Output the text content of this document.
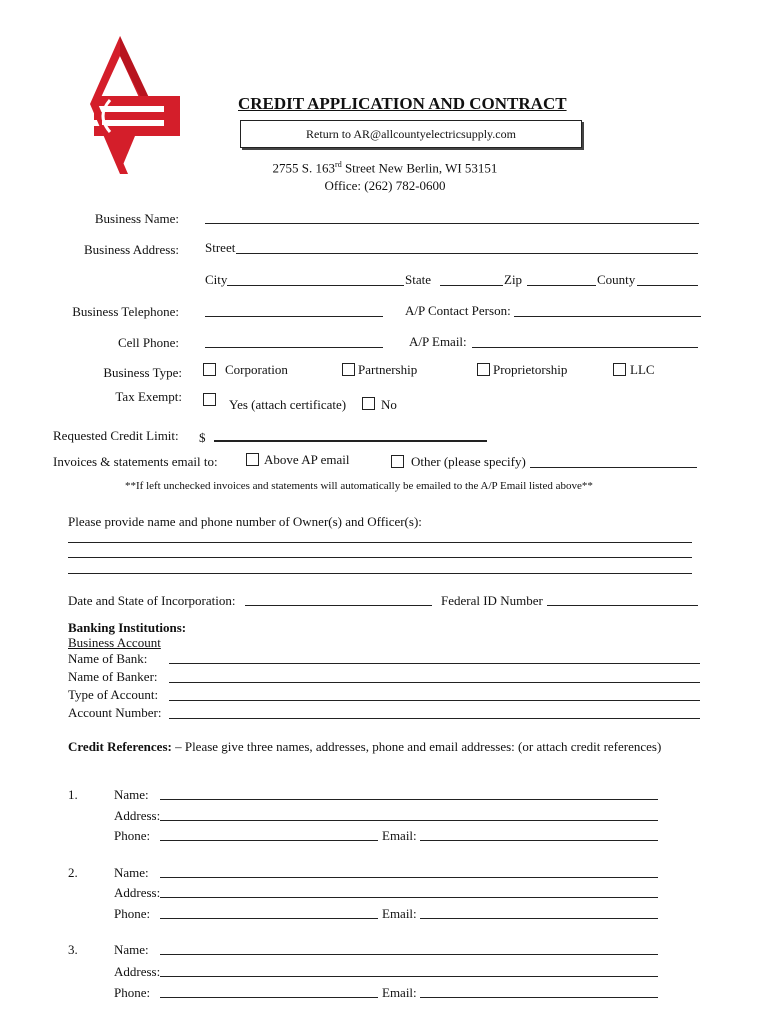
CREDIT APPLICATION AND CONTRACT
Return to AR@allcountyelectricsupply.com
2755 S. 163rd Street New Berlin, WI 53151
Office: (262) 782-0600
Business Name:
Business Address: Street
City	State	Zip	County
Business Telephone:	A/P Contact Person:
Cell Phone:	A/P Email:
Business Type:	Corporation	Partnership	Proprietorship	LLC
Tax Exempt:
Yes (attach certificate)	No
Requested Credit Limit: $
Invoices & statements email to:	Above AP email	Other (please specify)
**If left unchecked invoices and statements will automatically be emailed to the A/P Email listed above**
Please provide name and phone number of Owner(s) and Officer(s):
Date and State of Incorporation:	Federal ID Number
Banking Institutions:
Business Account
Name of Bank:
Name of Banker:
Type of Account:
Account Number:
Credit References: – Please give three names, addresses, phone and email addresses: (or attach credit references)
1.	Name:
Address:
Phone:	Email:
2.	Name:
Address:
Phone:	Email:
3.	Name:
Address:
Phone:	Email:
